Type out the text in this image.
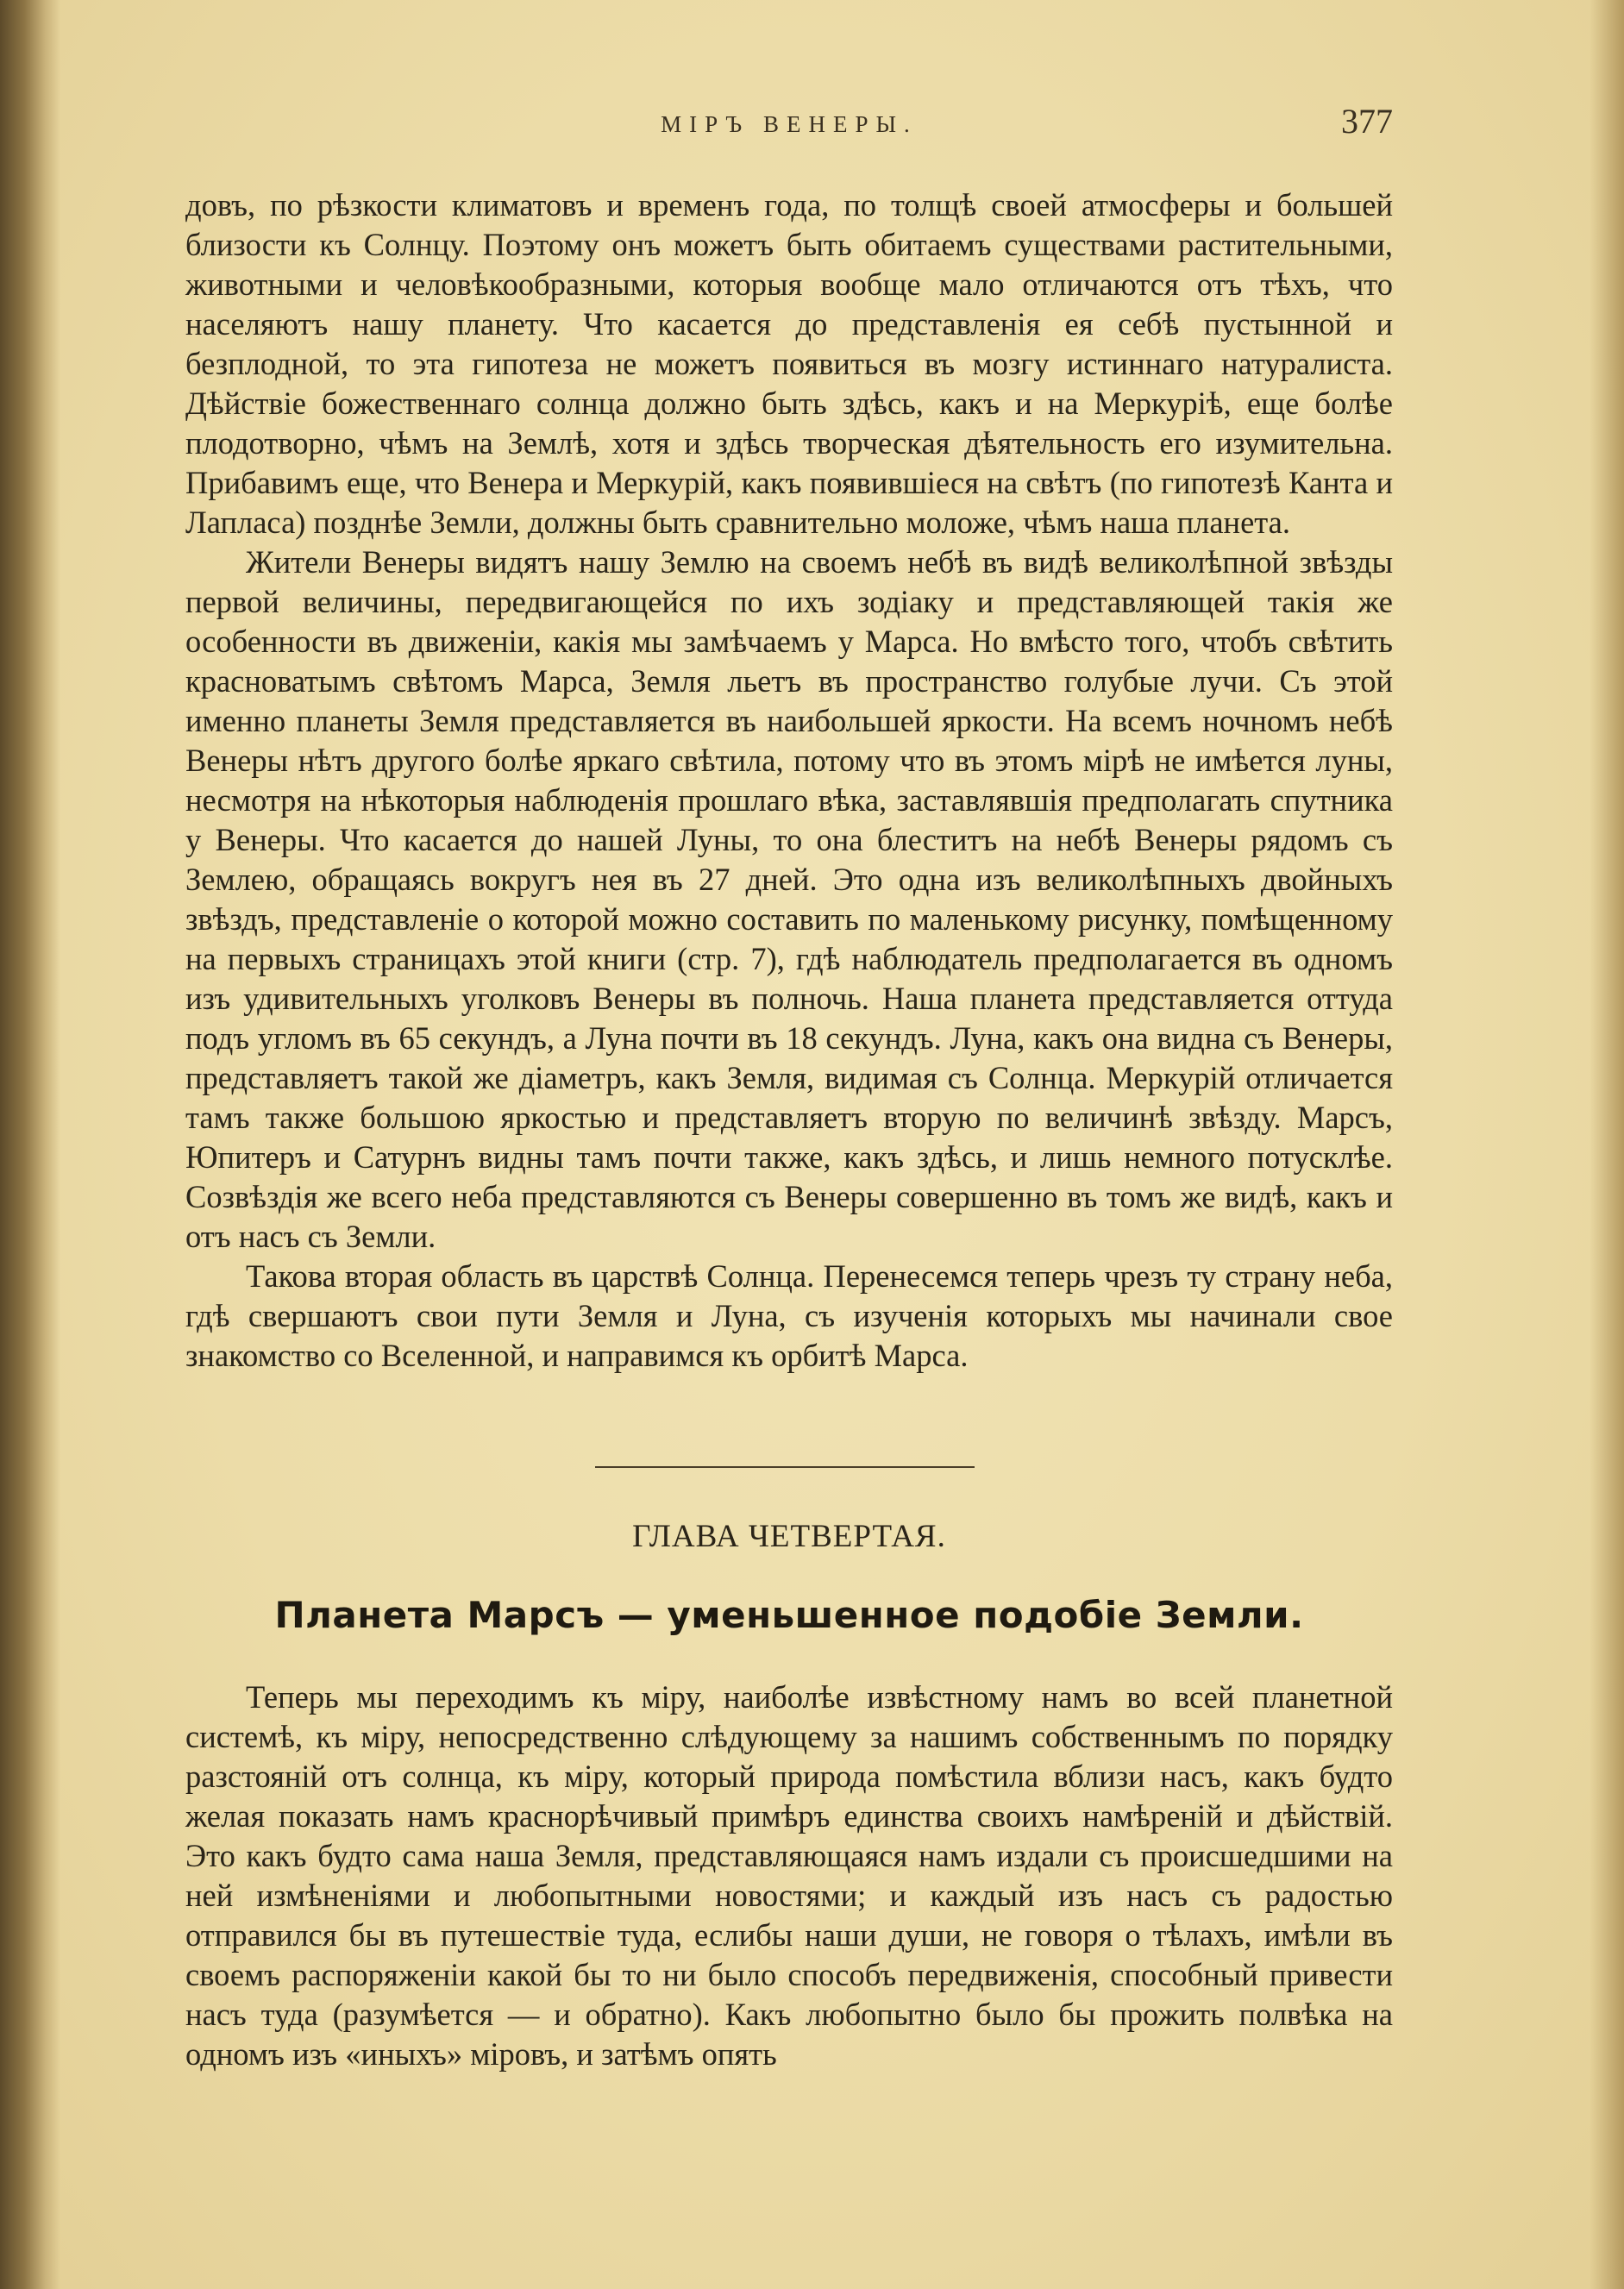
МІРЪ ВЕНЕРЫ.	377

довъ, по рѣзкости климатовъ и временъ года, по толщѣ своей атмосферы и большей близости къ Солнцу. Поэтому онъ можетъ быть обитаемъ существами растительными, животными и человѣкообразными, которыя вообще мало отличаются отъ тѣхъ, что населяютъ нашу планету. Что касается до представленія ея себѣ пустынной и безплодной, то эта гипотеза не можетъ появиться въ мозгу истиннаго натуралиста. Дѣйствіе божественнаго солнца должно быть здѣсь, какъ и на Меркуріѣ, еще болѣе плодотворно, чѣмъ на Землѣ, хотя и здѣсь творческая дѣятельность его изумительна. Прибавимъ еще, что Венера и Меркурій, какъ появившіеся на свѣтъ (по гипотезѣ Канта и Лапласа) позднѣе Земли, должны быть сравнительно моложе, чѣмъ наша планета.

Жители Венеры видятъ нашу Землю на своемъ небѣ въ видѣ великолѣпной звѣзды первой величины, передвигающейся по ихъ зодіаку и представляющей такія же особенности въ движеніи, какія мы замѣчаемъ у Марса. Но вмѣсто того, чтобъ свѣтить красноватымъ свѣтомъ Марса, Земля льетъ въ пространство голубые лучи. Съ этой именно планеты Земля представляется въ наибольшей яркости. На всемъ ночномъ небѣ Венеры нѣтъ другого болѣе яркаго свѣтила, потому что въ этомъ мірѣ не имѣется луны, несмотря на нѣкоторыя наблюденія прошлаго вѣка, заставлявшія предполагать спутника у Венеры. Что касается до нашей Луны, то она блеститъ на небѣ Венеры рядомъ съ Землею, обращаясь вокругъ нея въ 27 дней. Это одна изъ великолѣпныхъ двойныхъ звѣздъ, представленіе о которой можно составить по маленькому рисунку, помѣщенному на первыхъ страницахъ этой книги (стр. 7), гдѣ наблюдатель предполагается въ одномъ изъ удивительныхъ уголковъ Венеры въ полночь. Наша планета представляется оттуда подъ угломъ въ 65 секундъ, а Луна почти въ 18 секундъ. Луна, какъ она видна съ Венеры, представляетъ такой же діаметръ, какъ Земля, видимая съ Солнца. Меркурій отличается тамъ также большою яркостью и представляетъ вторую по величинѣ звѣзду. Марсъ, Юпитеръ и Сатурнъ видны тамъ почти также, какъ здѣсь, и лишь немного потусклѣе. Созвѣздія же всего неба представляются съ Венеры совершенно въ томъ же видѣ, какъ и отъ насъ съ Земли.

Такова вторая область въ царствѣ Солнца. Перенесемся теперь чрезъ ту страну неба, гдѣ свершаютъ свои пути Земля и Луна, съ изученія которыхъ мы начинали свое знакомство со Вселенной, и направимся къ орбитѣ Марса.

ГЛАВА ЧЕТВЕРТАЯ.
Планета Марсъ — уменьшенное подобіе Земли.

Теперь мы переходимъ къ міру, наиболѣе извѣстному намъ во всей планетной системѣ, къ міру, непосредственно слѣдующему за нашимъ собственнымъ по порядку разстояній отъ солнца, къ міру, который природа помѣстила вблизи насъ, какъ будто желая показать намъ краснорѣчивый примѣръ единства своихъ намѣреній и дѣйствій. Это какъ будто сама наша Земля, представляющаяся намъ издали съ происшедшими на ней измѣненіями и любопытными новостями; и каждый изъ насъ съ радостью отправился бы въ путешествіе туда, еслибы наши души, не говоря о тѣлахъ, имѣли въ своемъ распоряженіи какой бы то ни было способъ передвиженія, способный привести насъ туда (разумѣется — и обратно). Какъ любопытно было бы прожить полвѣка на одномъ изъ «иныхъ» міровъ, и затѣмъ опять
